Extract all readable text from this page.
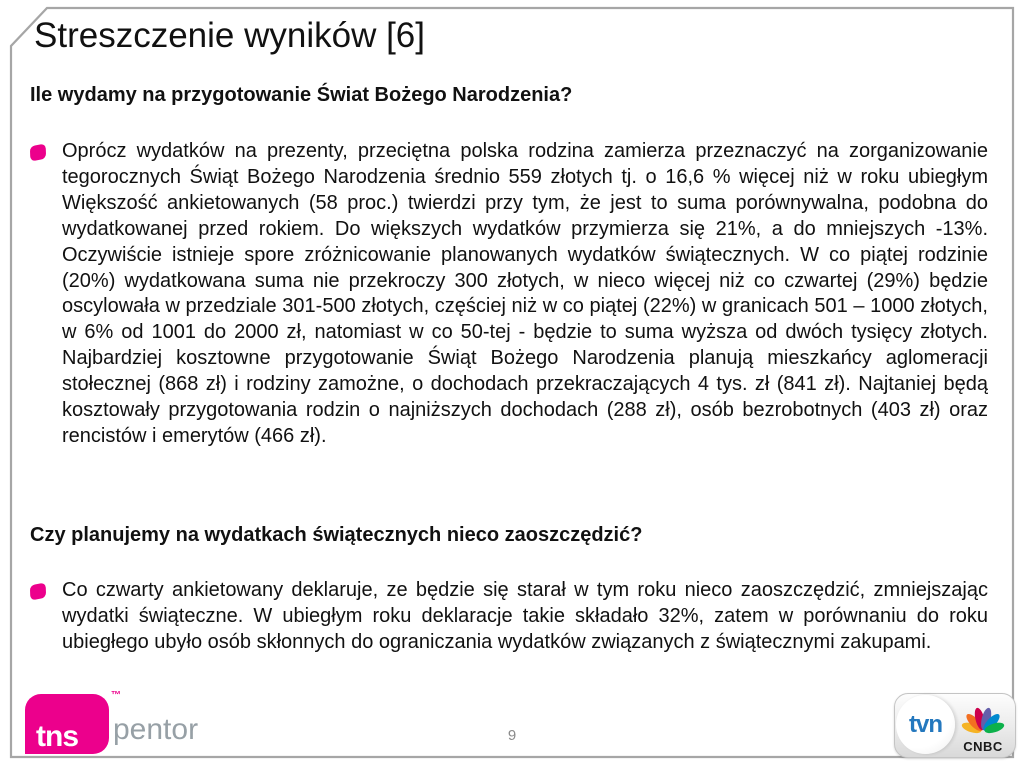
Streszczenie wyników [6]
Ile wydamy na przygotowanie Świat Bożego Narodzenia?

Oprócz wydatków na prezenty, przeciętna polska rodzina zamierza przeznaczyć na zorganizowanie tegorocznych Świąt Bożego Narodzenia średnio 559 złotych tj. o 16,6 % więcej niż w roku ubiegłym Większość ankietowanych (58 proc.) twierdzi przy tym, że jest to suma porównywalna, podobna do wydatkowanej przed rokiem. Do większych wydatków przymierza się 21%, a do mniejszych -13%. Oczywiście istnieje spore zróżnicowanie planowanych wydatków świątecznych. W co piątej rodzinie (20%) wydatkowana suma nie przekroczy 300 złotych, w nieco więcej niż co czwartej (29%) będzie oscylowała w przedziale 301-500 złotych, częściej niż w co piątej (22%) w granicach 501 – 1000 złotych, w 6% od 1001 do 2000 zł, natomiast w co 50-tej - będzie to suma wyższa od dwóch tysięcy złotych. Najbardziej kosztowne przygotowanie Świąt Bożego Narodzenia planują mieszkańcy aglomeracji stołecznej (868 zł) i rodziny zamożne, o dochodach przekraczających 4 tys. zł (841 zł). Najtaniej będą kosztowały przygotowania rodzin o najniższych dochodach (288 zł), osób bezrobotnych (403 zł) oraz rencistów i emerytów (466 zł).

Czy planujemy na wydatkach świątecznych nieco zaoszczędzić?

Co czwarty ankietowany deklaruje, ze będzie się starał w tym roku nieco zaoszczędzić, zmniejszając wydatki świąteczne. W ubiegłym roku deklaracje takie składało 32%, zatem w porównaniu do roku ubiegłego ubyło osób skłonnych do ograniczania wydatków związanych z świątecznymi zakupami.

tns
™
pentor	9	tvn
CNBC
